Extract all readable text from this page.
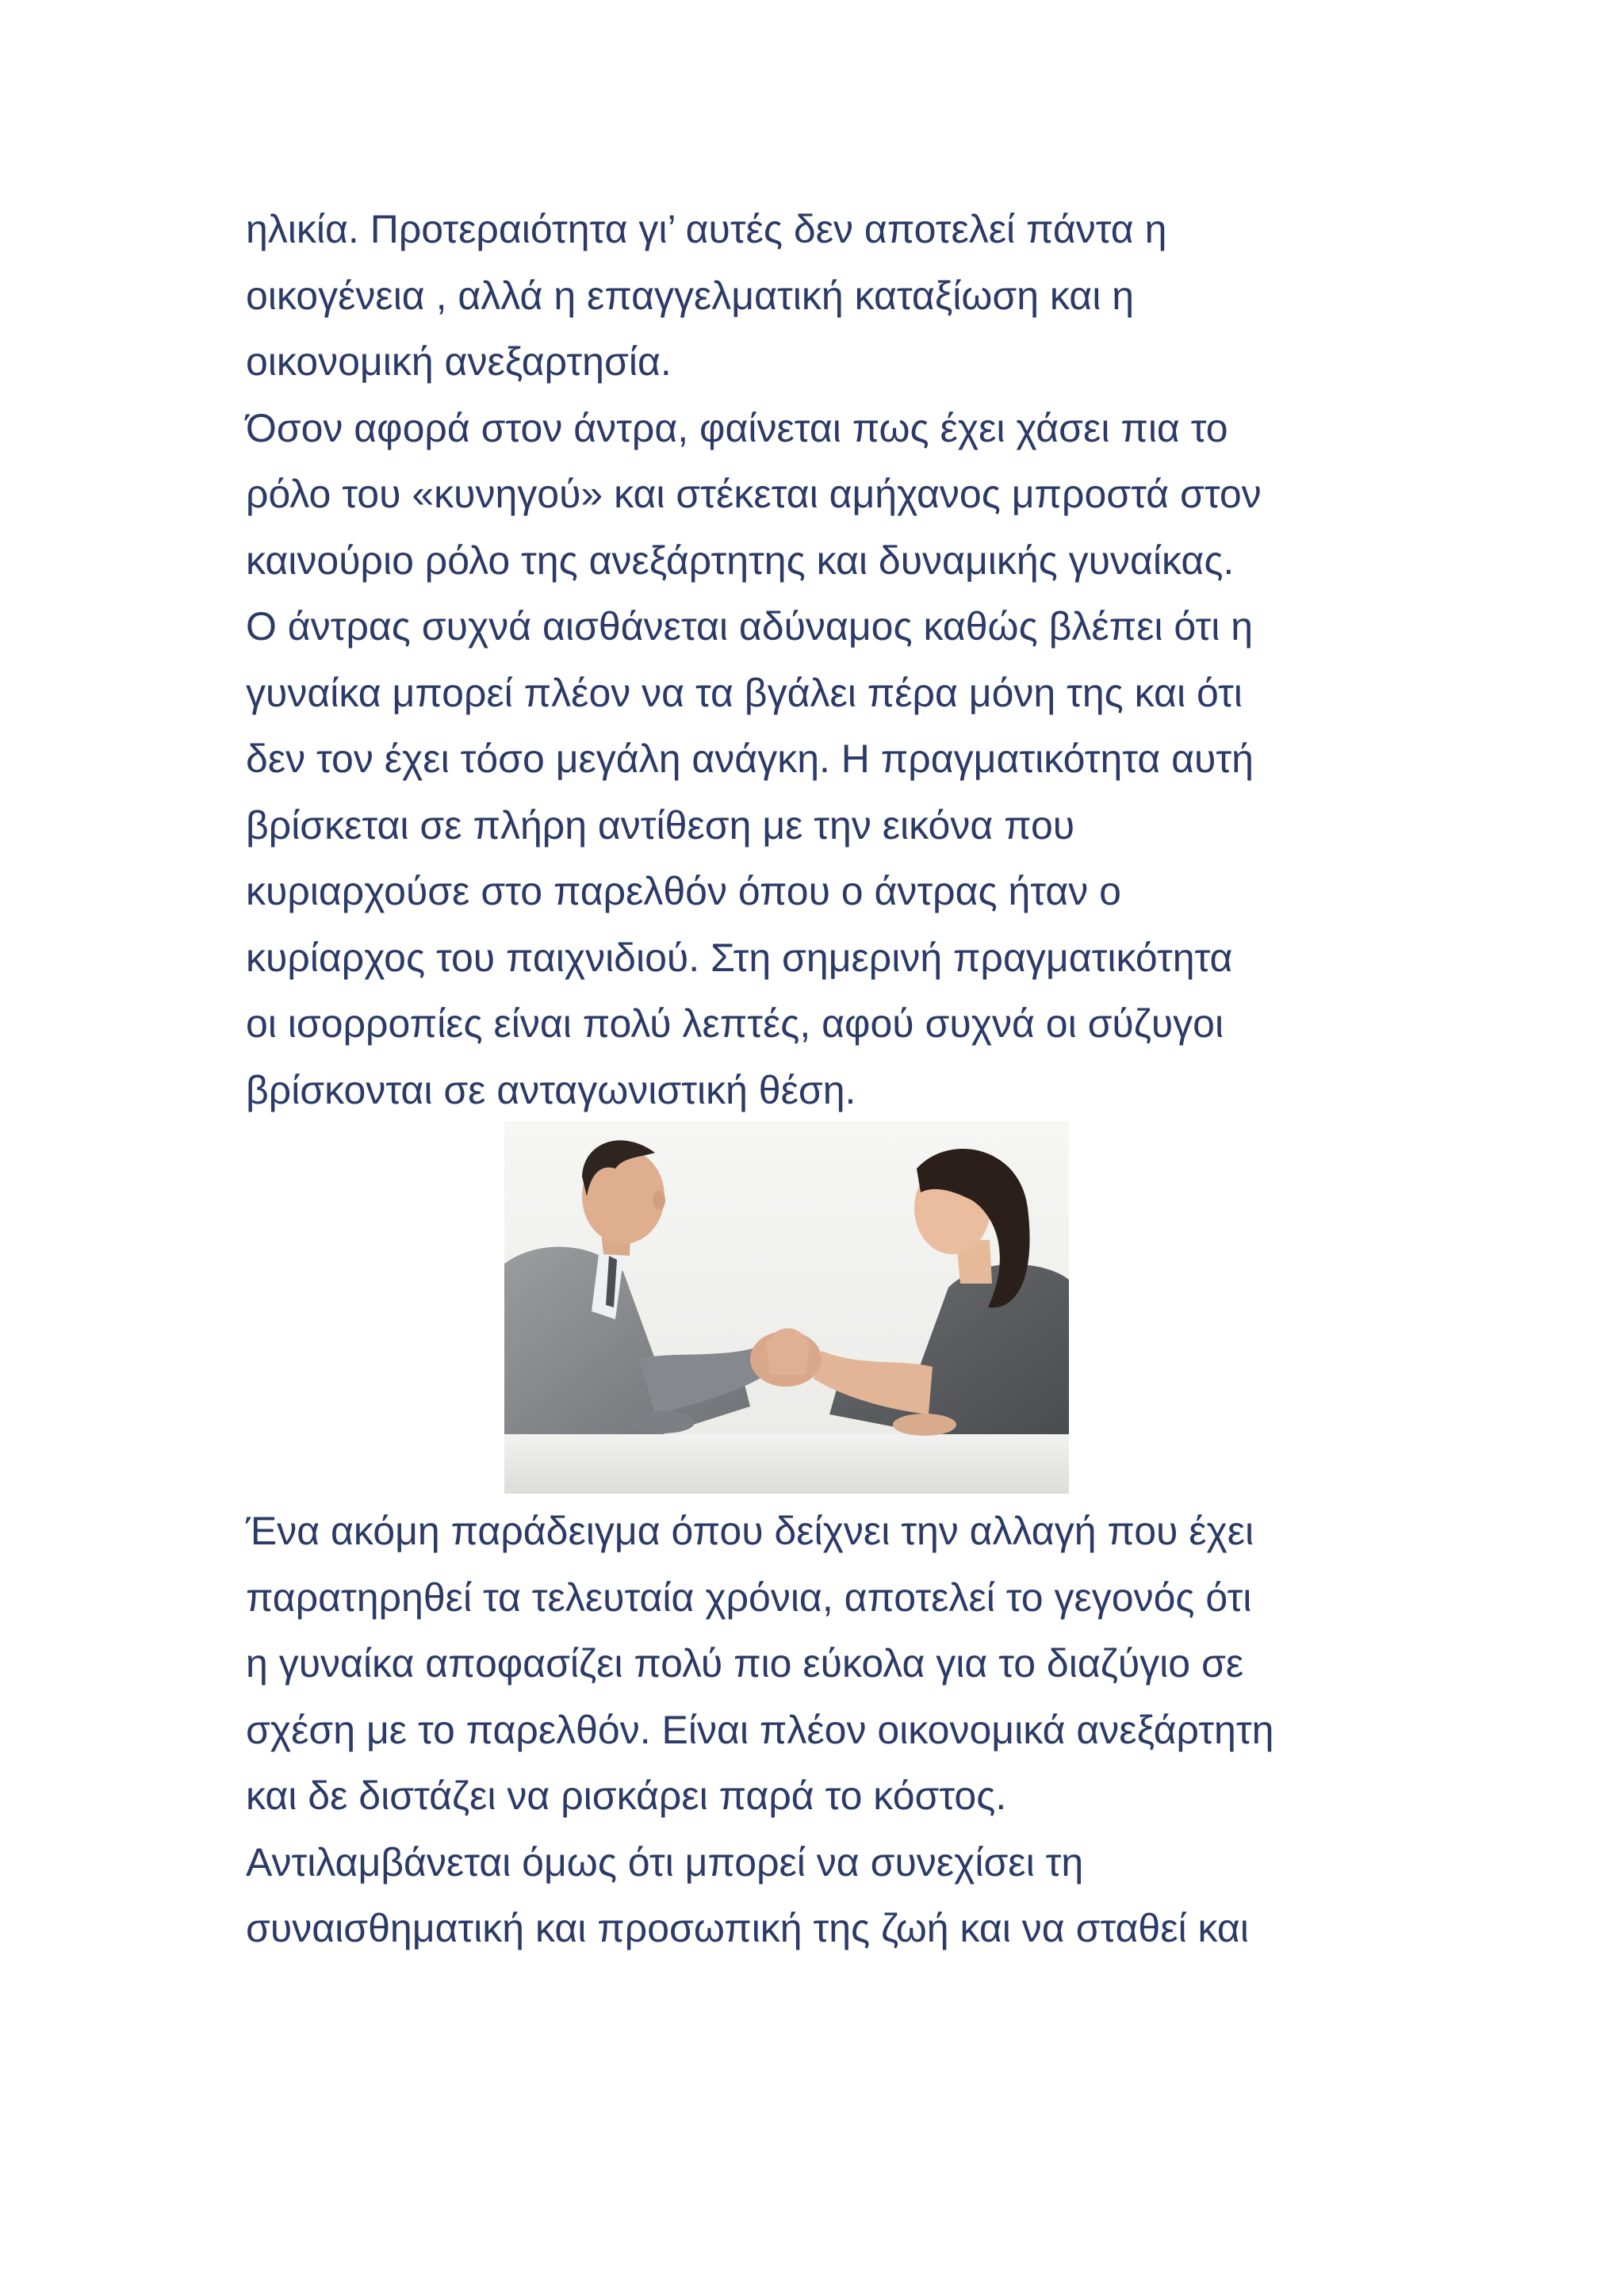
ηλικία. Προτεραιότητα γι’ αυτές δεν αποτελεί πάντα η
οικογένεια , αλλά η επαγγελματική καταξίωση και η
οικονομική ανεξαρτησία.
Όσον αφορά στον άντρα, φαίνεται πως έχει χάσει πια το
ρόλο του «κυνηγού» και στέκεται αμήχανος μπροστά στον
καινούριο ρόλο της ανεξάρτητης και δυναμικής γυναίκας.
Ο άντρας συχνά αισθάνεται αδύναμος καθώς βλέπει ότι η
γυναίκα μπορεί πλέον να τα βγάλει πέρα μόνη της και ότι
δεν τον έχει τόσο μεγάλη ανάγκη. Η πραγματικότητα αυτή
βρίσκεται σε πλήρη αντίθεση με την εικόνα που
κυριαρχούσε στο παρελθόν όπου ο άντρας ήταν ο
κυρίαρχος του παιχνιδιού. Στη σημερινή πραγματικότητα
οι ισορροπίες είναι πολύ λεπτές, αφού συχνά οι σύζυγοι
βρίσκονται σε ανταγωνιστική θέση.
Ένα ακόμη παράδειγμα όπου δείχνει την αλλαγή που έχει
παρατηρηθεί τα τελευταία χρόνια, αποτελεί το γεγονός ότι
η γυναίκα αποφασίζει πολύ πιο εύκολα για το διαζύγιο σε
σχέση με το παρελθόν. Είναι πλέον οικονομικά ανεξάρτητη
και δε διστάζει να ρισκάρει παρά το κόστος.
Αντιλαμβάνεται όμως ότι μπορεί να συνεχίσει τη
συναισθηματική και προσωπική της ζωή και να σταθεί και
